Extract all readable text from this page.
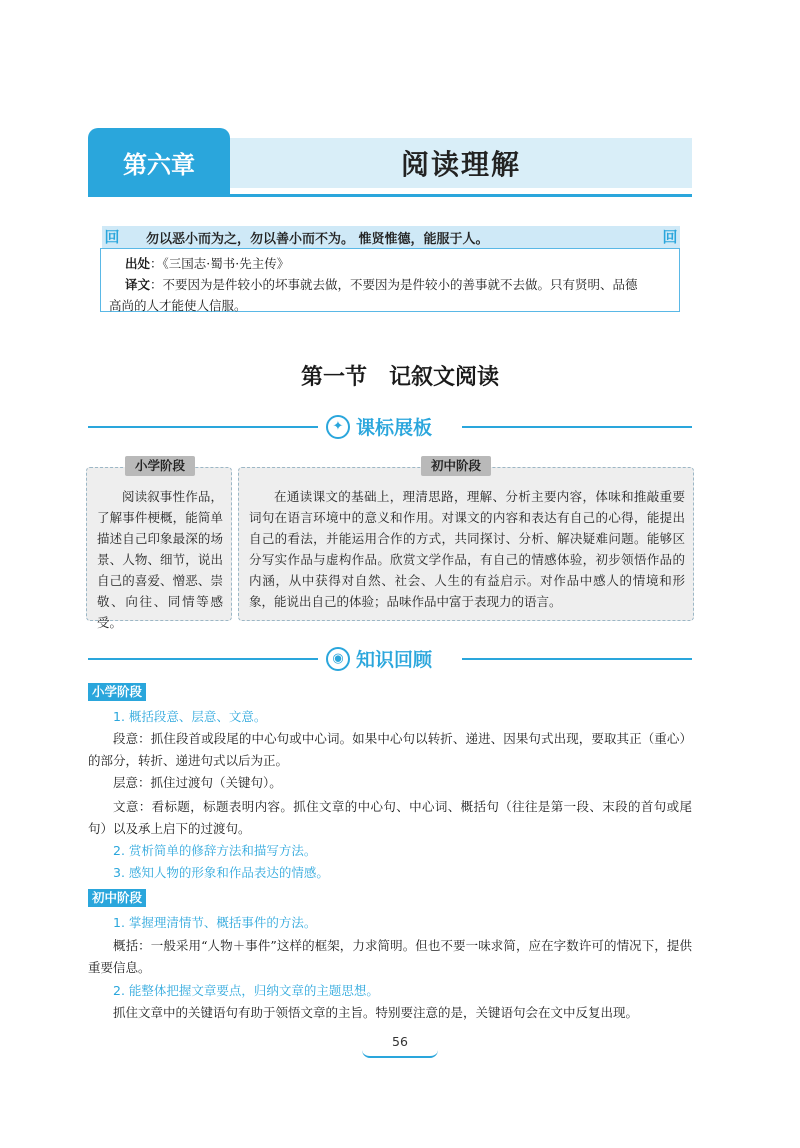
第六章	阅读理解
回 勿以恶小而为之，勿以善小而不为。 惟贤惟德，能服于人。	回
出处：《三国志·蜀书·先主传》
译文：不要因为是件较小的坏事就去做，不要因为是件较小的善事就不去做。只有贤明、品德
高尚的人才能使人信服。
第一节　记叙文阅读
✦ 课标展板
小学阶段
阅读叙事性作品，了解事件梗概，能简单描述自己印象最深的场景、人物、细节，说出自己的喜爱、憎恶、崇敬、向往、同情等感受。
初中阶段
在通读课文的基础上，理清思路，理解、分析主要内容，体味和推敲重要词句在语言环境中的意义和作用。对课文的内容和表达有自己的心得，能提出自己的看法，并能运用合作的方式，共同探讨、分析、解决疑难问题。能够区分写实作品与虚构作品。欣赏文学作品，有自己的情感体验，初步领悟作品的内涵，从中获得对自然、社会、人生的有益启示。对作品中感人的情境和形象，能说出自己的体验；品味作品中富于表现力的语言。
◉ 知识回顾
小学阶段
1. 概括段意、层意、文意。
段意：抓住段首或段尾的中心句或中心词。如果中心句以转折、递进、因果句式出现，要取其正（重心）的部分，转折、递进句式以后为正。
层意：抓住过渡句（关键句）。
文意：看标题，标题表明内容。抓住文章的中心句、中心词、概括句（往往是第一段、末段的首句或尾句）以及承上启下的过渡句。
2. 赏析简单的修辞方法和描写方法。
3. 感知人物的形象和作品表达的情感。
初中阶段
1. 掌握理清情节、概括事件的方法。
概括：一般采用“人物＋事件”这样的框架，力求简明。但也不要一味求简，应在字数许可的情况下，提供重要信息。
2. 能整体把握文章要点，归纳文章的主题思想。
抓住文章中的关键语句有助于领悟文章的主旨。特别要注意的是，关键语句会在文中反复出现。
56
